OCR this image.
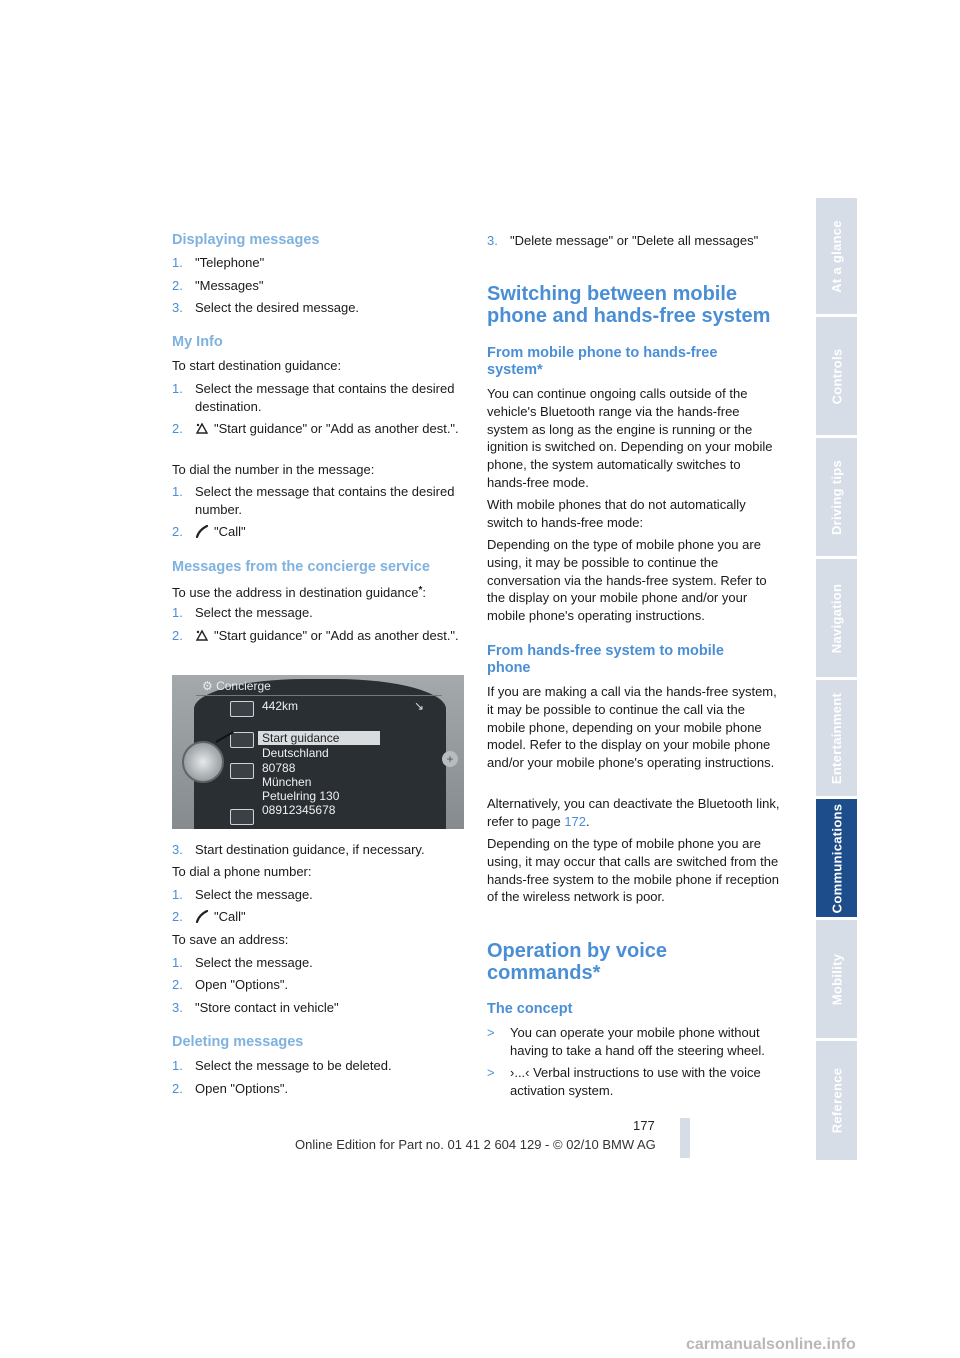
Displaying messages
1. "Telephone"
2. "Messages"
3. Select the desired message.
My Info
To start destination guidance:
1. Select the message that contains the desired destination.
2.	"Start guidance" or "Add as another dest.".
To dial the number in the message:
1. Select the message that contains the desired number.
2.	"Call"
Messages from the concierge service
To use the address in destination guidance*:
1. Select the message.
2.	"Start guidance" or "Add as another dest.".
⚙ Concierge
442km	↘
Start guidance
Deutschland
80788
München
Petuelring 130
08912345678
+
3. Start destination guidance, if necessary.
To dial a phone number:
1. Select the message.
2.	"Call"
To save an address:
1. Select the message.
2. Open "Options".
3. "Store contact in vehicle"
Deleting messages
1. Select the message to be deleted.
2. Open "Options".
3. "Delete message" or "Delete all messages"
Switching between mobile phone and hands-free system
From mobile phone to hands-free system*
You can continue ongoing calls outside of the vehicle's Bluetooth range via the hands-free system as long as the engine is running or the ignition is switched on. Depending on your mobile phone, the system automatically switches to hands-free mode.
With mobile phones that do not automatically switch to hands-free mode:
Depending on the type of mobile phone you are using, it may be possible to continue the conversation via the hands-free system. Refer to the display on your mobile phone and/or your mobile phone's operating instructions.
From hands-free system to mobile phone
If you are making a call via the hands-free system, it may be possible to continue the call via the mobile phone, depending on your mobile phone model. Refer to the display on your mobile phone and/or your mobile phone's operating instructions.
Alternatively, you can deactivate the Bluetooth link, refer to page 172.
Depending on the type of mobile phone you are using, it may occur that calls are switched from the hands-free system to the mobile phone if reception of the wireless network is poor.
Operation by voice commands*
The concept
> You can operate your mobile phone without having to take a hand off the steering wheel.
> ›...‹ Verbal instructions to use with the voice activation system.
At a glance
Controls
Driving tips
Navigation
Entertainment
Communications
Mobility
Reference
177
Online Edition for Part no. 01 41 2 604 129 - © 02/10 BMW AG
carmanualsonline.info
